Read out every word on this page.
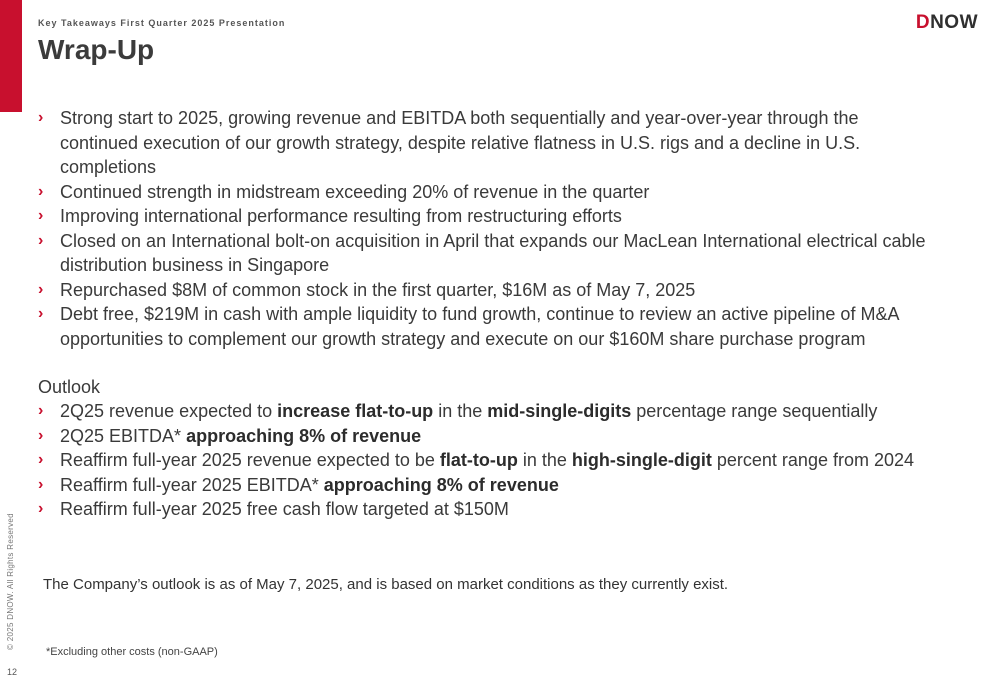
Key Takeaways First Quarter 2025 Presentation
Wrap-Up
DNOW
› Strong start to 2025, growing revenue and EBITDA both sequentially and year-over-year through the continued execution of our growth strategy, despite relative flatness in U.S. rigs and a decline in U.S. completions
› Continued strength in midstream exceeding 20% of revenue in the quarter
› Improving international performance resulting from restructuring efforts
› Closed on an International bolt-on acquisition in April that expands our MacLean International electrical cable distribution business in Singapore
› Repurchased $8M of common stock in the first quarter, $16M as of May 7, 2025
› Debt free, $219M in cash with ample liquidity to fund growth, continue to review an active pipeline of M&A opportunities to complement our growth strategy and execute on our $160M share purchase program
Outlook
› 2Q25 revenue expected to increase flat-to-up in the mid-single-digits percentage range sequentially
› 2Q25 EBITDA* approaching 8% of revenue
› Reaffirm full-year 2025 revenue expected to be flat-to-up in the high-single-digit percent range from 2024
› Reaffirm full-year 2025 EBITDA* approaching 8% of revenue
› Reaffirm full-year 2025 free cash flow targeted at $150M
The Company’s outlook is as of May 7, 2025, and is based on market conditions as they currently exist.
*Excluding other costs (non-GAAP)
© 2025 DNOW. All Rights Reserved
12
